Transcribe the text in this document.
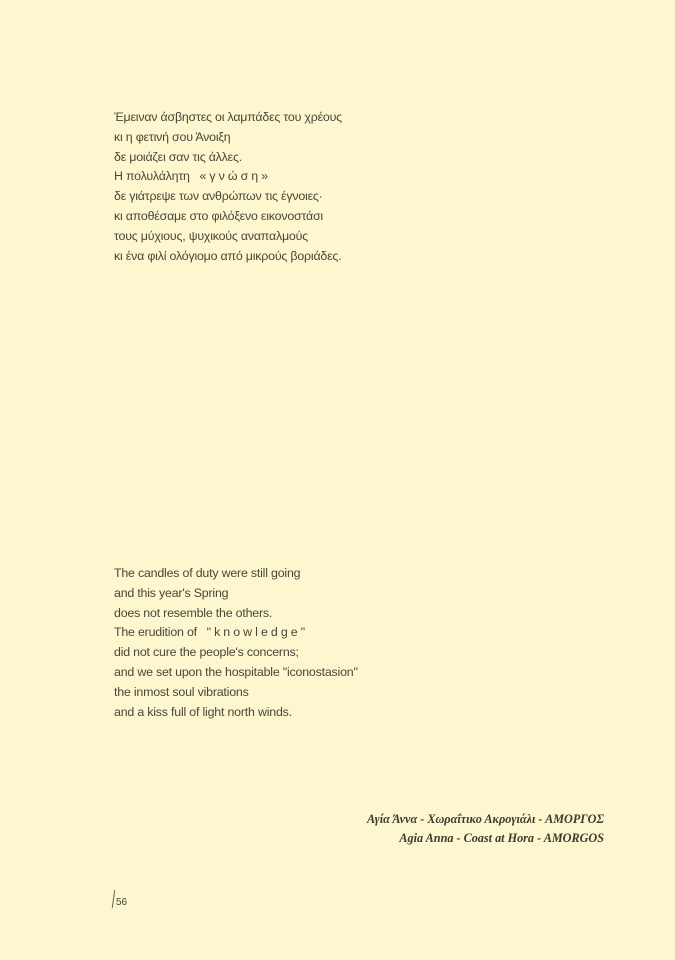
Έμειναν άσβηστες οι λαμπάδες του χρέους
κι η φετινή σου Άνοιξη
δε μοιάζει σαν τις άλλες.
Η πολυλάλητη   « γ ν ώ σ η »
δε γιάτρεψε των ανθρώπων τις έγνοιες·
κι αποθέσαμε στο φιλόξενο εικονοστάσι
τους μύχιους, ψυχικούς αναπαλμούς
κι ένα φιλί ολόγιομο από μικρούς βοριάδες.
The candles of duty were still going
and this year's Spring
does not resemble the others.
The erudition of   " k n o w l e d g e "
did not cure the people's concerns;
and we set upon the hospitable "iconostasion"
the inmost soul vibrations
and a kiss full of light north winds.
Αγία Άννα - Χωραΐτικο Ακρογιάλι - ΑΜΟΡΓΟΣ
Agia Anna - Coast at Hora - AMORGOS
56
